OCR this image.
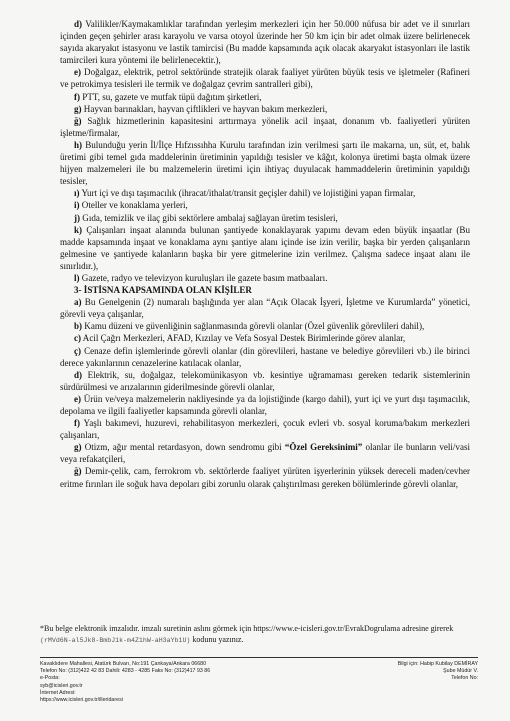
d) Valilikler/Kaymakamlıklar tarafından yerleşim merkezleri için her 50.000 nüfusa bir adet ve il sınırları içinden geçen şehirler arası karayolu ve varsa otoyol üzerinde her 50 km için bir adet olmak üzere belirlenecek sayıda akaryakıt istasyonu ve lastik tamircisi (Bu madde kapsamında açık olacak akaryakıt istasyonları ile lastik tamircileri kura yöntemi ile belirlenecektir.),

e) Doğalgaz, elektrik, petrol sektöründe stratejik olarak faaliyet yürüten büyük tesis ve işletmeler (Rafineri ve petrokimya tesisleri ile termik ve doğalgaz çevrim santralleri gibi),

f) PTT, su, gazete ve mutfak tüpü dağıtım şirketleri,

g) Hayvan barınakları, hayvan çiftlikleri ve hayvan bakım merkezleri,

ğ) Sağlık hizmetlerinin kapasitesini arttırmaya yönelik acil inşaat, donanım vb. faaliyetleri yürüten işletme/firmalar,

h) Bulunduğu yerin İl/İlçe Hıfzıssıhha Kurulu tarafından izin verilmesi şartı ile makarna, un, süt, et, balık üretimi gibi temel gıda maddelerinin üretiminin yapıldığı tesisler ve kâğıt, kolonya üretimi başta olmak üzere hijyen malzemeleri ile bu malzemelerin üretimi için ihtiyaç duyulacak hammaddelerin üretiminin yapıldığı tesisler,

ı) Yurt içi ve dışı taşımacılık (ihracat/ithalat/transit geçişler dahil) ve lojistiğini yapan firmalar,

i) Oteller ve konaklama yerleri,

j) Gıda, temizlik ve ilaç gibi sektörlere ambalaj sağlayan üretim tesisleri,

k) Çalışanları inşaat alanında bulunan şantiyede konaklayarak yapımı devam eden büyük inşaatlar (Bu madde kapsamında inşaat ve konaklama aynı şantiye alanı içinde ise izin verilir, başka bir yerden çalışanların gelmesine ve şantiyede kalanların başka bir yere gitmelerine izin verilmez. Çalışma sadece inşaat alanı ile sınırlıdır.),

l) Gazete, radyo ve televizyon kuruluşları ile gazete basım matbaaları.

3- İSTİSNA KAPSAMINDA OLAN KİŞİLER

a) Bu Genelgenin (2) numaralı başlığında yer alan “Açık Olacak İşyeri, İşletme ve Kurumlarda” yönetici, görevli veya çalışanlar,

b) Kamu düzeni ve güvenliğinin sağlanmasında görevli olanlar (Özel güvenlik görevlileri dahil),

c) Acil Çağrı Merkezleri, AFAD, Kızılay ve Vefa Sosyal Destek Birimlerinde görev alanlar,

ç) Cenaze defin işlemlerinde görevli olanlar (din görevlileri, hastane ve belediye görevlileri vb.) ile birinci derece yakınlarının cenazelerine katılacak olanlar,

d) Elektrik, su, doğalgaz, telekomünikasyon vb. kesintiye uğramaması gereken tedarik sistemlerinin sürdürülmesi ve arızalarının giderilmesinde görevli olanlar,

e) Ürün ve/veya malzemelerin nakliyesinde ya da lojistiğinde (kargo dahil), yurt içi ve yurt dışı taşımacılık, depolama ve ilgili faaliyetler kapsamında görevli olanlar,

f) Yaşlı bakımevi, huzurevi, rehabilitasyon merkezleri, çocuk evleri vb. sosyal koruma/bakım merkezleri çalışanları,

g) Otizm, ağır mental retardasyon, down sendromu gibi “Özel Gereksinimi” olanlar ile bunların veli/vasi veya refakatçileri,

ğ) Demir-çelik, cam, ferrokrom vb. sektörlerde faaliyet yürüten işyerlerinin yüksek dereceli maden/cevher eritme fırınları ile soğuk hava depoları gibi zorunlu olarak çalıştırılması gereken bölümlerinde görevli olanlar,

*Bu belge elektronik imzalıdır. imzalı suretinin aslını görmek için https://www.e-icisleri.gov.tr/EvrakDogrulama adresine girerek (rMVd6N-al5Jk8-BmbJ1k-m4Z1hW-aH3aYb1U) kodunu yazınız.
Kavaklıdere Mahallesi, Atatürk Bulvarı, No:191 Çankaya/Ankara 06680
Telefon No: (312)422 42 83 Dahili: 4283 - 4285 Faks No: (312)417 93 86
e-Posta:
syb@icisleri.gov.tr
İnternet Adresi:
https://www.icisleri.gov.tr/illeridaresi
Bilgi için: Habip Kubilay DEMİRAY
Şube Müdür V.
Telefon No:
